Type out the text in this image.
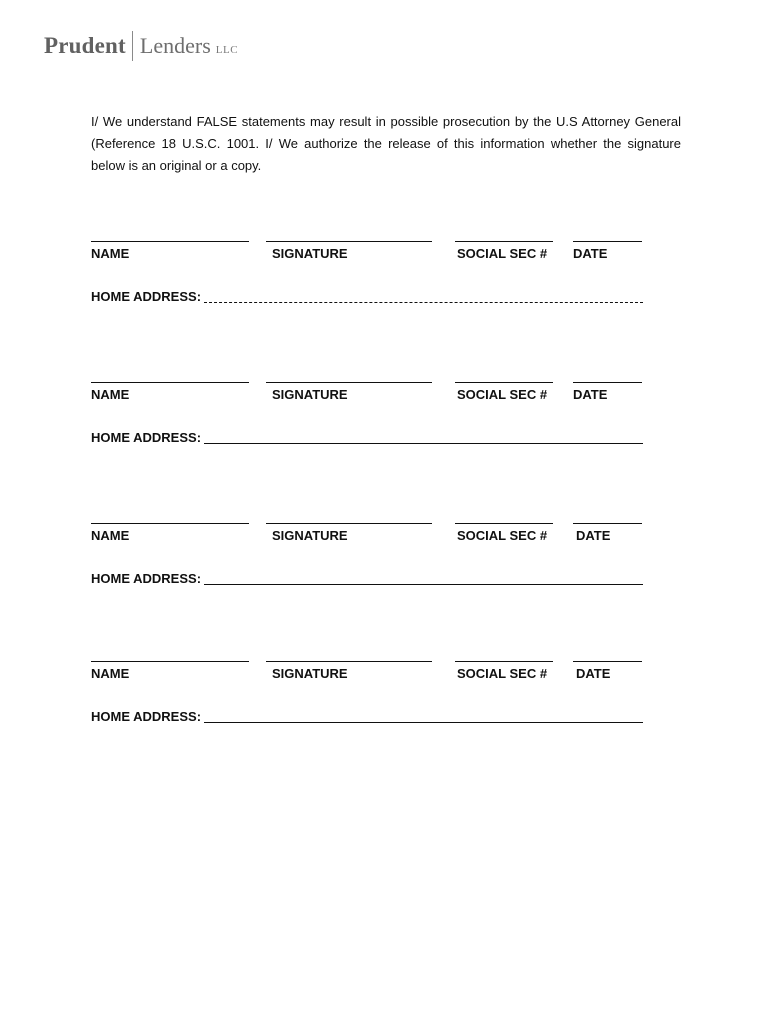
Prudent Lenders LLC

I/ We understand FALSE statements may result in possible prosecution by the U.S Attorney General (Reference 18 U.S.C. 1001. I/ We authorize the release of this information whether the signature below is an original or a copy.

NAME	SIGNATURE	SOCIAL SEC # DATE
HOME ADDRESS:
NAME	SIGNATURE	SOCIAL SEC # DATE
HOME ADDRESS:
NAME	SIGNATURE	SOCIAL SEC # DATE
HOME ADDRESS:
NAME	SIGNATURE	SOCIAL SEC # DATE
HOME ADDRESS:
